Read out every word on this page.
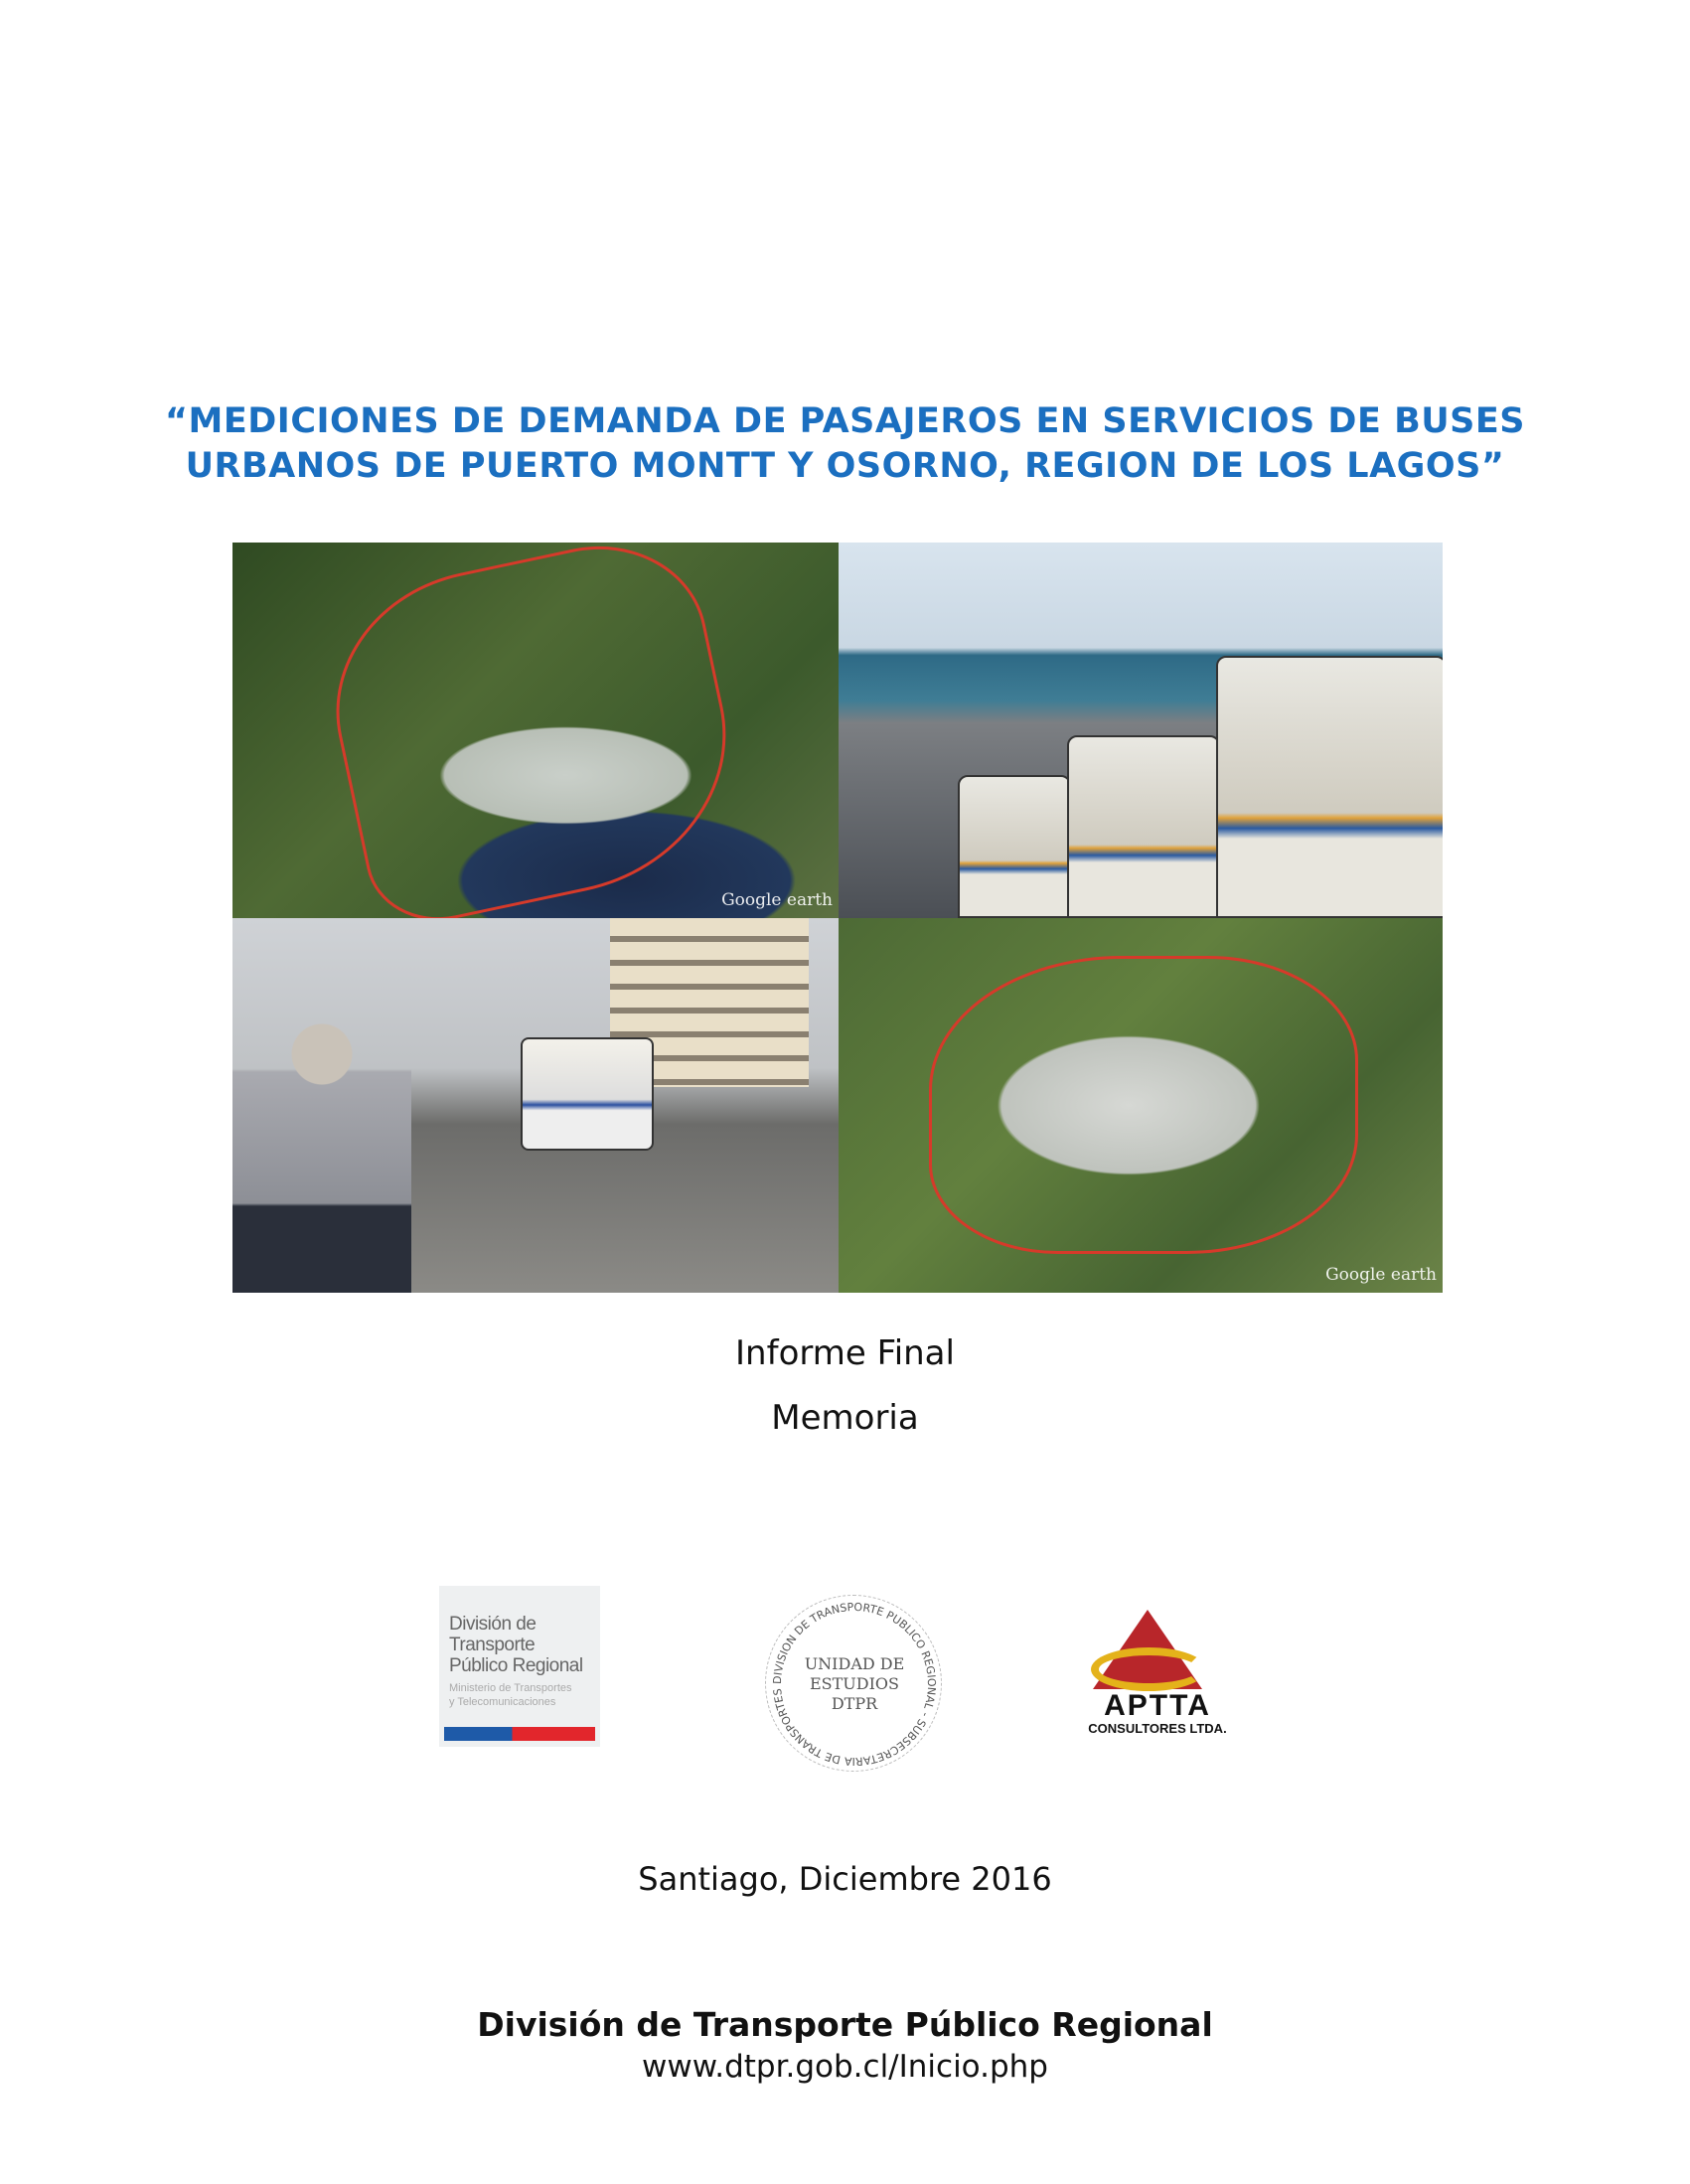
“MEDICIONES DE DEMANDA DE PASAJEROS EN SERVICIOS DE BUSES
URBANOS DE PUERTO MONTT Y OSORNO, REGION DE LOS LAGOS”
Google earth
Google earth
Informe Final
Memoria
División de
Transporte
Público Regional
Ministerio de Transportes
y Telecomunicaciones
DIVISION DE TRANSPORTE PUBLICO REGIONAL - SUBSECRETARIA DE TRANSPORTES
UNIDAD DE
ESTUDIOS
DTPR	APTTA
CONSULTORES LTDA.
Santiago, Diciembre 2016
División de Transporte Público Regional
www.dtpr.gob.cl/Inicio.php
